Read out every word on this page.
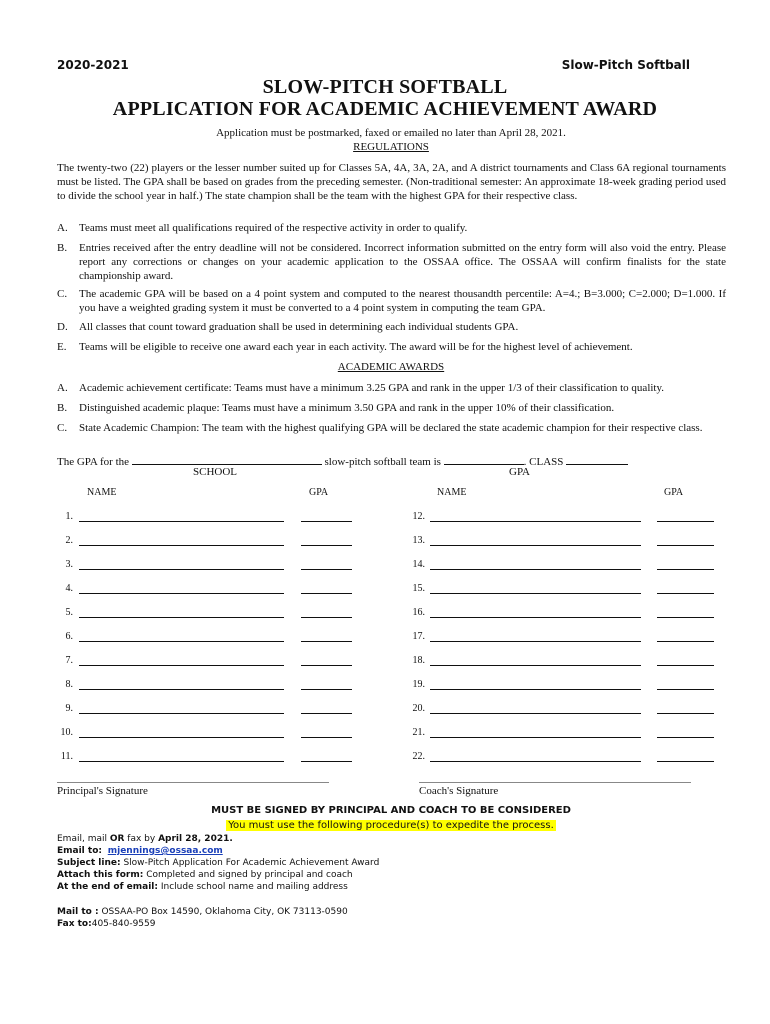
2020-2021	Slow-Pitch Softball
SLOW-PITCH SOFTBALL
APPLICATION FOR ACADEMIC ACHIEVEMENT AWARD
Application must be postmarked, faxed or emailed no later than April 28, 2021.
REGULATIONS
The twenty-two (22) players or the lesser number suited up for Classes 5A, 4A, 3A, 2A, and A district tournaments and Class 6A regional tournaments must be listed. The GPA shall be based on grades from the preceding semester. (Non-traditional semester: An approximate 18-week grading period used to divide the school year in half.) The state champion shall be the team with the highest GPA for their respective class.
A. Teams must meet all qualifications required of the respective activity in order to qualify.
B. Entries received after the entry deadline will not be considered. Incorrect information submitted on the entry form will also void the entry. Please report any corrections or changes on your academic application to the OSSAA office. The OSSAA will confirm finalists for the state championship award.
C. The academic GPA will be based on a 4 point system and computed to the nearest thousandth percentile: A=4.; B=3.000; C=2.000; D=1.000. If you have a weighted grading system it must be converted to a 4 point system in computing the team GPA.
D. All classes that count toward graduation shall be used in determining each individual students GPA.
E. Teams will be eligible to receive one award each year in each activity. The award will be for the highest level of achievement.
ACADEMIC AWARDS
A. Academic achievement certificate: Teams must have a minimum 3.25 GPA and rank in the upper 1/3 of their classification to quality.
B. Distinguished academic plaque: Teams must have a minimum 3.50 GPA and rank in the upper 10% of their classification.
C. State Academic Champion: The team with the highest qualifying GPA will be declared the state academic champion for their respective class.
The GPA for the	slow-pitch softball team is	. CLASS
SCHOOL	GPA
NAME	GPA	NAME	GPA
1.
2.
3.
4.
5.
6.
7.
8.
9.
10.
11.
12.
13.
14.
15.
16.
17.
18.
19.
20.
21.
22.
Principal's Signature	Coach's Signature
MUST BE SIGNED BY PRINCIPAL AND COACH TO BE CONSIDERED
You must use the following procedure(s) to expedite the process.
Email, mail OR fax by April 28, 2021.
Email to: mjennings@ossaa.com
Subject line: Slow-Pitch Application For Academic Achievement Award
Attach this form: Completed and signed by principal and coach
At the end of email: Include school name and mailing address
Mail to : OSSAA-PO Box 14590, Oklahoma City, OK 73113-0590
Fax to:405-840-9559
